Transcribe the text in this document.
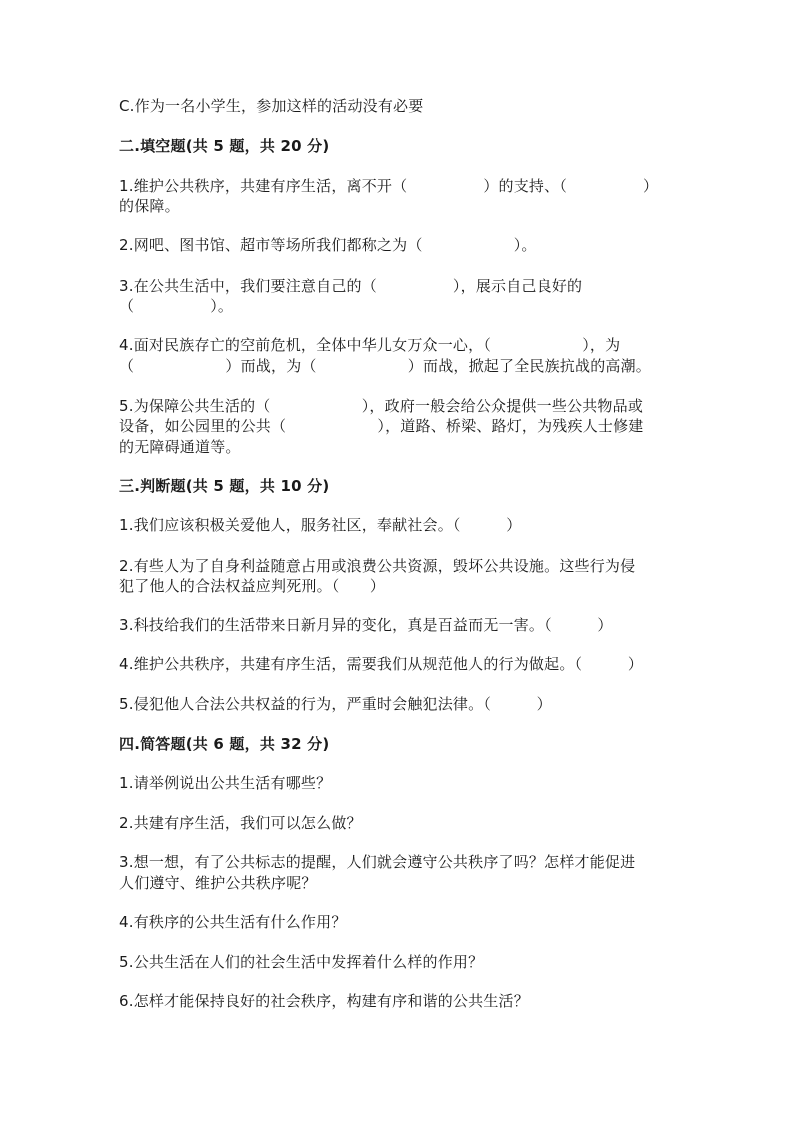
C.作为一名小学生，参加这样的活动没有必要
二.填空题(共 5 题，共 20 分)
1.维护公共秩序，共建有序生活，离不开（　　　　　）的支持、（　　　　　）
的保障。
2.网吧、图书馆、超市等场所我们都称之为（　　　　　　）。
3.在公共生活中，我们要注意自己的（　　　　　），展示自己良好的
（　　　　　）。
4.面对民族存亡的空前危机，全体中华儿女万众一心，（　　　　　　），为
（　　　　　　）而战，为（　　　　　　）而战，掀起了全民族抗战的高潮。
5.为保障公共生活的（　　　　　　），政府一般会给公众提供一些公共物品或
设备，如公园里的公共（　　　　　　），道路、桥梁、路灯，为残疾人士修建
的无障碍通道等。
三.判断题(共 5 题，共 10 分)
1.我们应该积极关爱他人，服务社区，奉献社会。（　　　）
2.有些人为了自身利益随意占用或浪费公共资源，毁坏公共设施。这些行为侵
犯了他人的合法权益应判死刑。（　　）
3.科技给我们的生活带来日新月异的变化，真是百益而无一害。（　　　）
4.维护公共秩序，共建有序生活，需要我们从规范他人的行为做起。（　　　）
5.侵犯他人合法公共权益的行为，严重时会触犯法律。（　　　）
四.简答题(共 6 题，共 32 分)
1.请举例说出公共生活有哪些？
2.共建有序生活，我们可以怎么做？
3.想一想，有了公共标志的提醒，人们就会遵守公共秩序了吗？怎样才能促进
人们遵守、维护公共秩序呢？
4.有秩序的公共生活有什么作用？
5.公共生活在人们的社会生活中发挥着什么样的作用？
6.怎样才能保持良好的社会秩序，构建有序和谐的公共生活？
